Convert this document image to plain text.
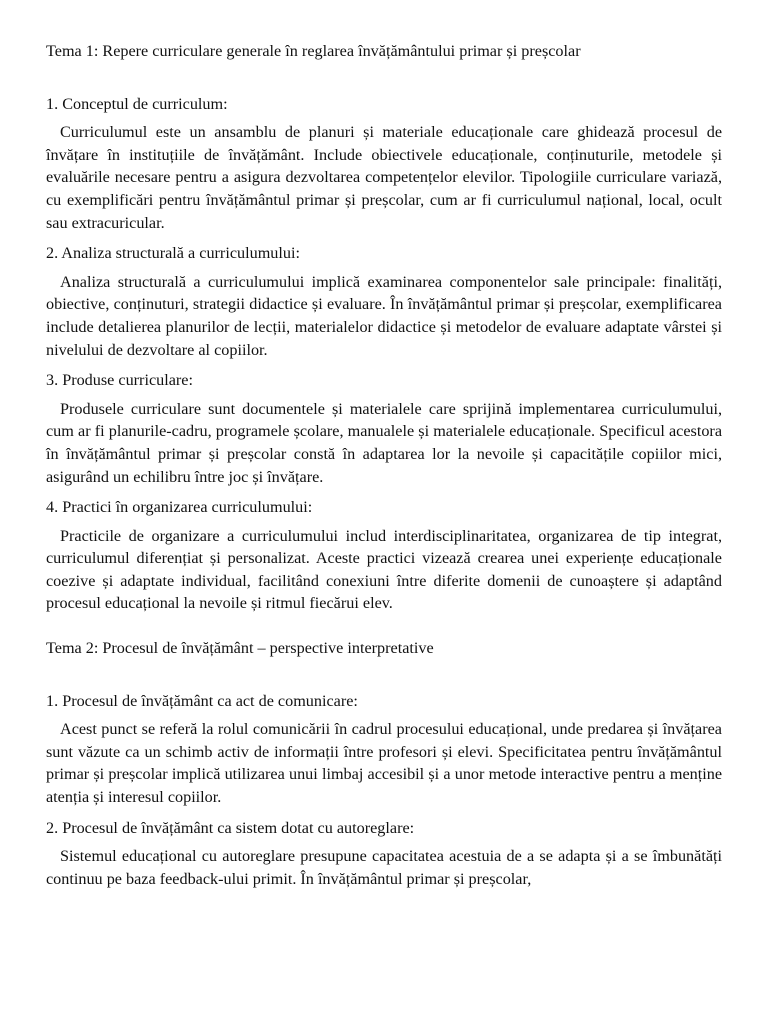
Tema 1: Repere curriculare generale în reglarea învățământului primar și preșcolar

1. Conceptul de curriculum:

Curriculumul este un ansamblu de planuri și materiale educaționale care ghidează procesul de învățare în instituțiile de învățământ. Include obiectivele educaționale, conținuturile, metodele și evaluările necesare pentru a asigura dezvoltarea competențelor elevilor. Tipologiile curriculare variază, cu exemplificări pentru învățământul primar și preșcolar, cum ar fi curriculumul național, local, ocult sau extracuricular.

2. Analiza structurală a curriculumului:

Analiza structurală a curriculumului implică examinarea componentelor sale principale: finalități, obiective, conținuturi, strategii didactice și evaluare. În învățământul primar și preșcolar, exemplificarea include detalierea planurilor de lecții, materialelor didactice și metodelor de evaluare adaptate vârstei și nivelului de dezvoltare al copiilor.

3. Produse curriculare:

Produsele curriculare sunt documentele și materialele care sprijină implementarea curriculumului, cum ar fi planurile-cadru, programele școlare, manualele și materialele educaționale. Specificul acestora în învățământul primar și preșcolar constă în adaptarea lor la nevoile și capacitățile copiilor mici, asigurând un echilibru între joc și învățare.

4. Practici în organizarea curriculumului:

Practicile de organizare a curriculumului includ interdisciplinaritatea, organizarea de tip integrat, curriculumul diferențiat și personalizat. Aceste practici vizează crearea unei experiențe educaționale coezive și adaptate individual, facilitând conexiuni între diferite domenii de cunoaștere și adaptând procesul educațional la nevoile și ritmul fiecărui elev.

Tema 2: Procesul de învățământ – perspective interpretative

1. Procesul de învățământ ca act de comunicare:

Acest punct se referă la rolul comunicării în cadrul procesului educațional, unde predarea și învățarea sunt văzute ca un schimb activ de informații între profesori și elevi. Specificitatea pentru învățământul primar și preșcolar implică utilizarea unui limbaj accesibil și a unor metode interactive pentru a menține atenția și interesul copiilor.

2. Procesul de învățământ ca sistem dotat cu autoreglare:

Sistemul educațional cu autoreglare presupune capacitatea acestuia de a se adapta și a se îmbunătăți continuu pe baza feedback-ului primit. În învățământul primar și preșcolar,
